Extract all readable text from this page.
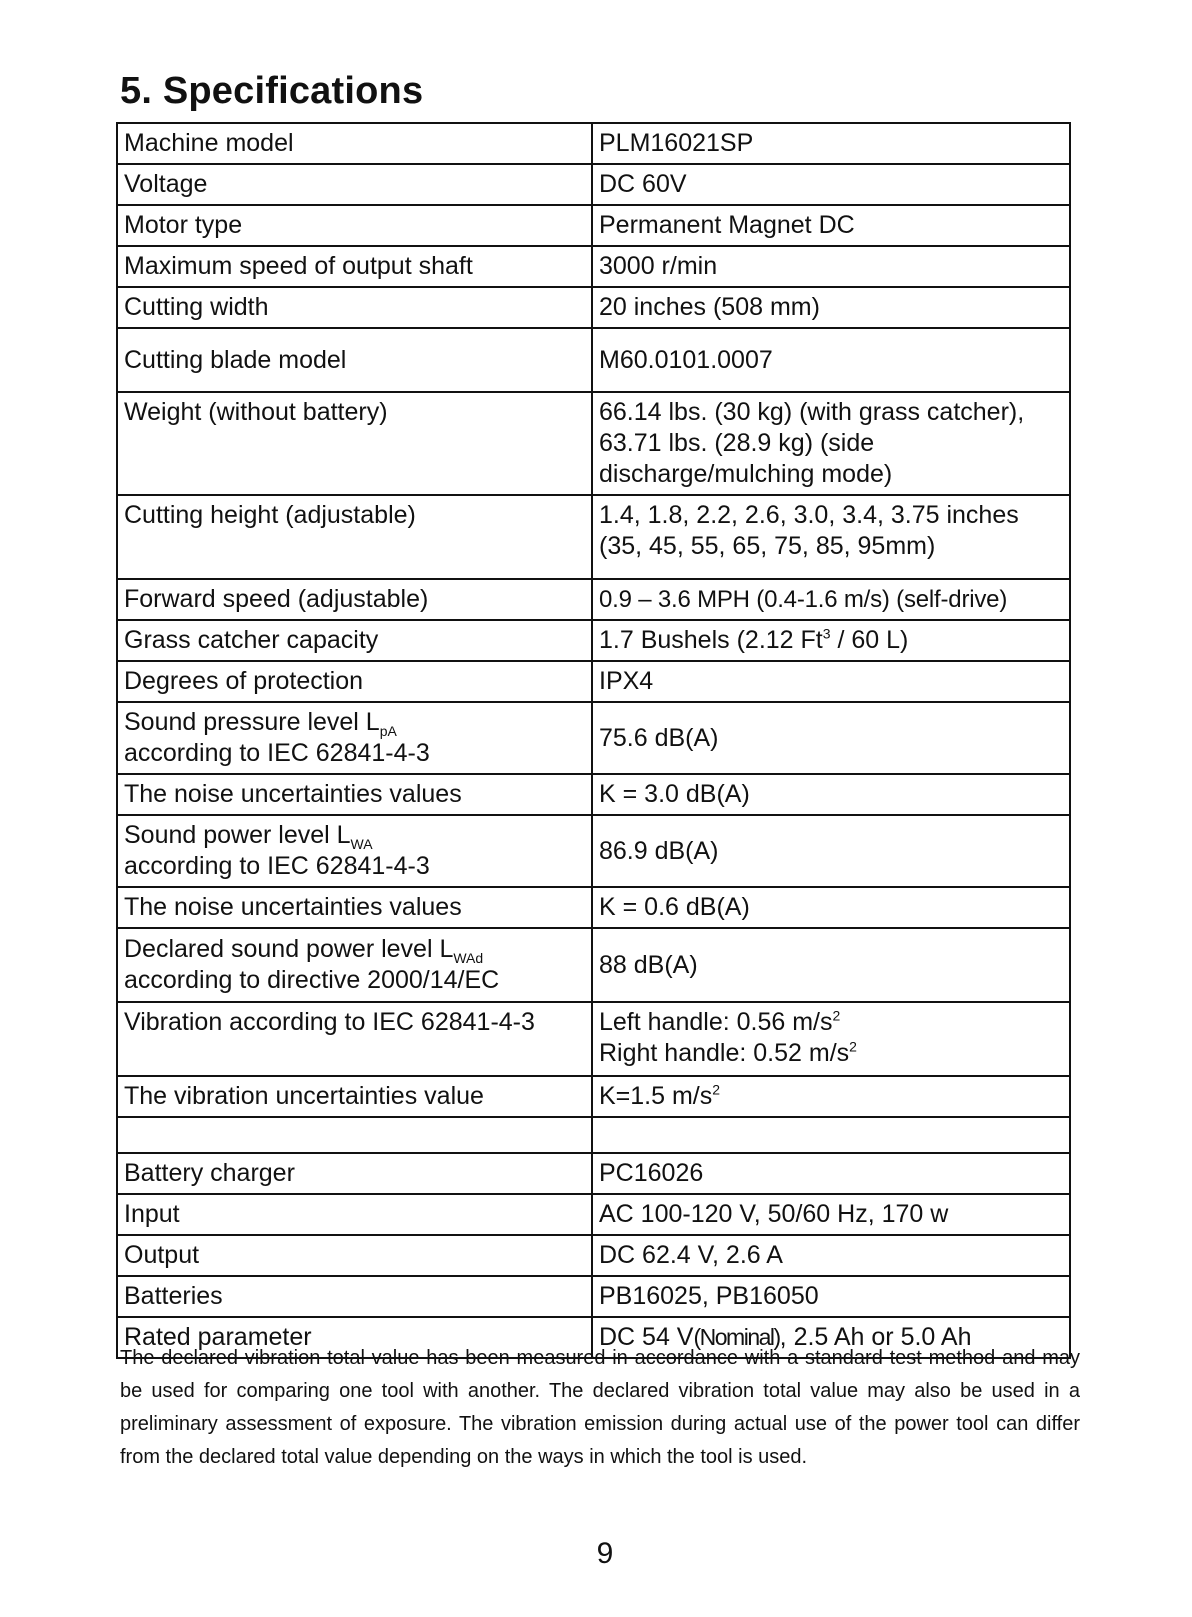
5. Specifications
Machine model	PLM16021SP
Voltage	DC 60V
Motor type	Permanent Magnet DC
Maximum speed of output shaft	3000 r/min
Cutting width	20 inches (508 mm)
Cutting blade model	M60.0101.0007
Weight (without battery)	66.14 lbs. (30 kg) (with grass catcher),
63.71 lbs. (28.9 kg) (side
discharge/mulching mode)

Cutting height (adjustable)	1.4, 1.8, 2.2, 2.6, 3.0, 3.4, 3.75 inches
(35, 45, 55, 65, 75, 85, 95mm)

Forward speed (adjustable)	0.9 – 3.6 MPH (0.4-1.6 m/s) (self-drive)
Grass catcher capacity	1.7 Bushels (2.12 Ft$^3$ / 60 L)
Degrees of protection	IPX4

Sound pressure level $L_{pA}$
according to IEC 62841-4-3	75.6 dB(A)
The noise uncertainties values	K = 3.0 dB(A)

Sound power level $L_{WA}$
according to IEC 62841-4-3	86.9 dB(A)
The noise uncertainties values	K = 0.6 dB(A)

Declared sound power level $L_{WAd}$
according to directive 2000/14/EC	88 dB(A)
Vibration according to IEC 62841-4-3	Left handle: 0.56 $m/s^2$
Right handle: 0.52 $m/s^2$

The vibration uncertainties value	K=1.5 $m/s^2$

Battery charger	PC16026
Input	AC 100-120 V, 50/60 Hz, 170 w
Output	DC 62.4 V, 2.6 A
Batteries	PB16025, PB16050
Rated parameter	DC 54 V(Nominal), 2.5 Ah or 5.0 Ah

The declared vibration total value has been measured in accordance with a standard test method and may be used for comparing one tool with another. The declared vibration total value may also be used in a preliminary assessment of exposure. The vibration emission during actual use of the power tool can differ from the declared total value depending on the ways in which the tool is used.

9
